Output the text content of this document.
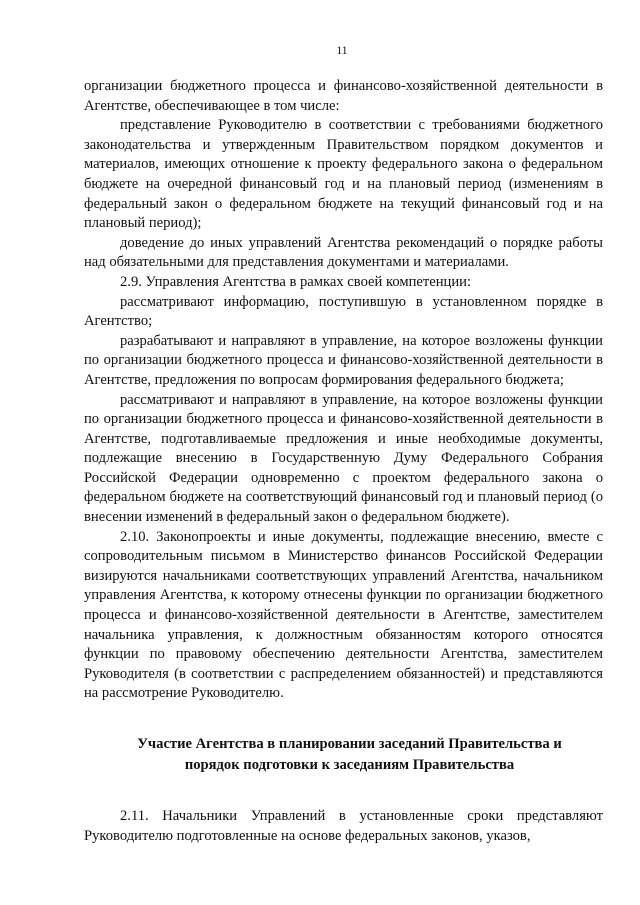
11

организации бюджетного процесса и финансово-хозяйственной деятельности в Агентстве, обеспечивающее в том числе:

представление Руководителю в соответствии с требованиями бюджетного законодательства и утвержденным Правительством порядком документов и материалов, имеющих отношение к проекту федерального закона о федеральном бюджете на очередной финансовый год и на плановый период (изменениям в федеральный закон о федеральном бюджете на текущий финансовый год и на плановый период);

доведение до иных управлений Агентства рекомендаций о порядке работы над обязательными для представления документами и материалами.

2.9. Управления Агентства в рамках своей компетенции:

рассматривают информацию, поступившую в установленном порядке в Агентство;

разрабатывают и направляют в управление, на которое возложены функции по организации бюджетного процесса и финансово-хозяйственной деятельности в Агентстве, предложения по вопросам формирования федерального бюджета;

рассматривают и направляют в управление, на которое возложены функции по организации бюджетного процесса и финансово-хозяйственной деятельности в Агентстве, подготавливаемые предложения и иные необходимые документы, подлежащие внесению в Государственную Думу Федерального Собрания Российской Федерации одновременно с проектом федерального закона о федеральном бюджете на соответствующий финансовый год и плановый период (о внесении изменений в федеральный закон о федеральном бюджете).

2.10. Законопроекты и иные документы, подлежащие внесению, вместе с сопроводительным письмом в Министерство финансов Российской Федерации визируются начальниками соответствующих управлений Агентства, начальником управления Агентства, к которому отнесены функции по организации бюджетного процесса и финансово-хозяйственной деятельности в Агентстве, заместителем начальника управления, к должностным обязанностям которого относятся функции по правовому обеспечению деятельности Агентства, заместителем Руководителя (в соответствии с распределением обязанностей) и представляются на рассмотрение Руководителю.

Участие Агентства в планировании заседаний Правительства и
порядок подготовки к заседаниям Правительства

2.11. Начальники Управлений в установленные сроки представляют Руководителю подготовленные на основе федеральных законов, указов,
